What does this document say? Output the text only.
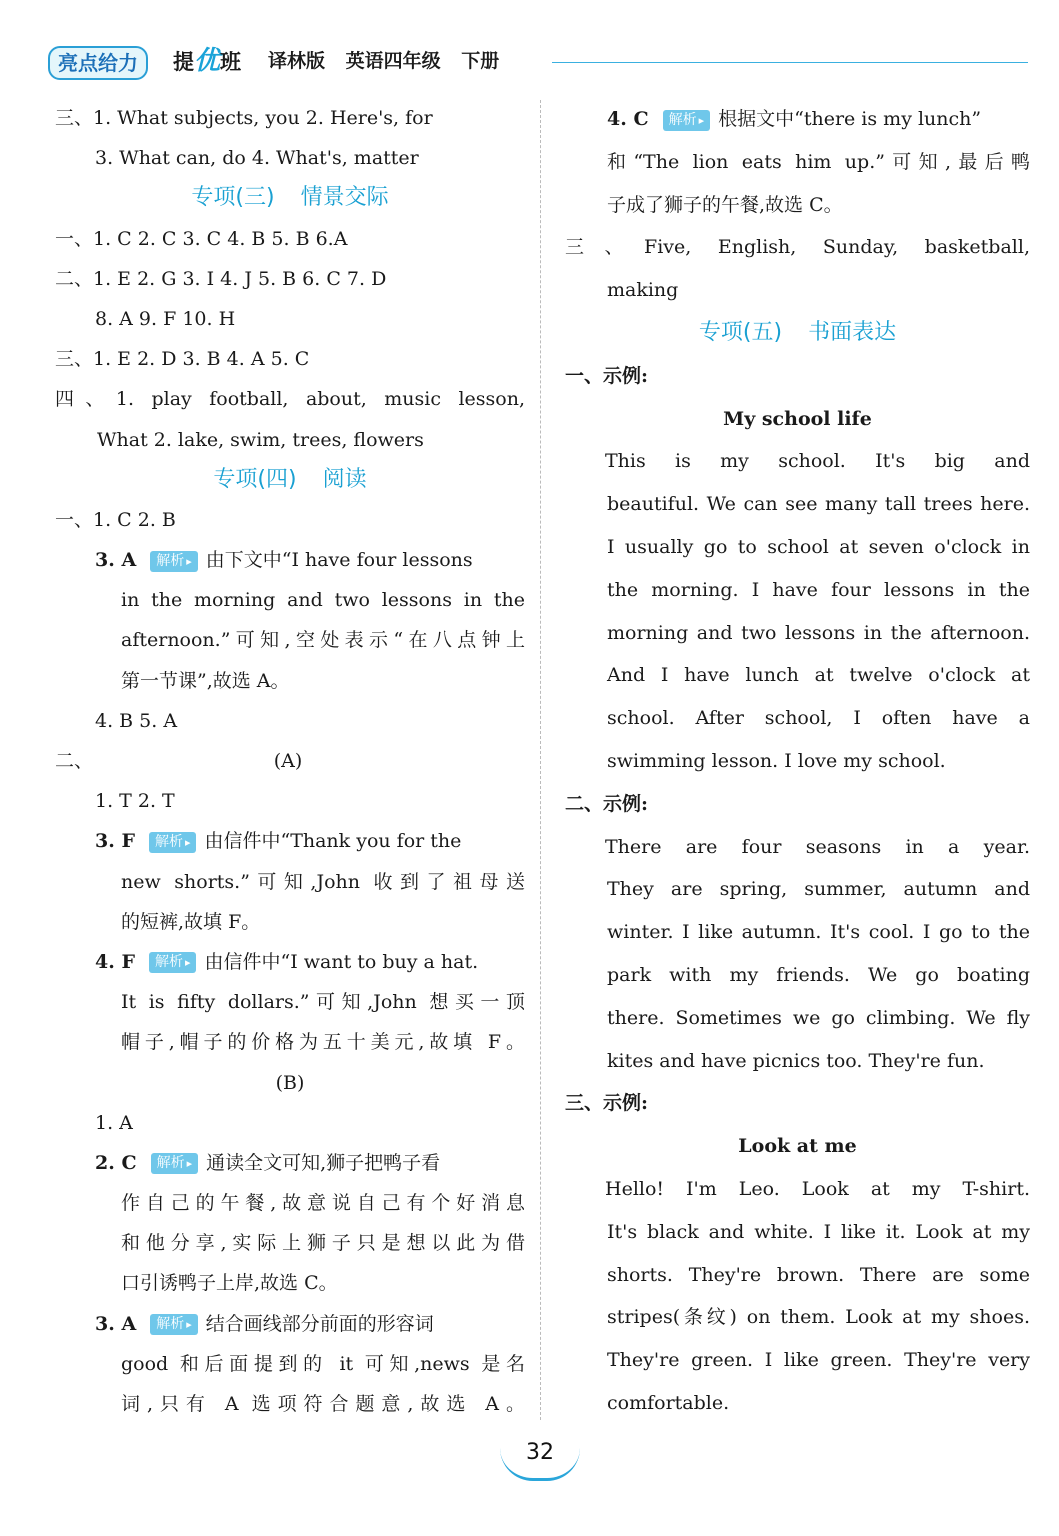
亮点给力	提优班 译林版 英语四年级 下册
三、1. What subjects, you 2. Here's, for
3. What can, do 4. What's, matter
专项(三) 情景交际
一、1. C 2. C 3. C 4. B 5. B 6.A
二、1. E 2. G 3. I 4. J 5. B 6. C 7. D
8. A 9. F 10. H
三、1. E 2. D 3. B 4. A 5. C
四、1. play football, about, music lesson,
What 2. lake, swim, trees, flowers
专项(四) 阅读
一、1. C 2. B
3. A 解析 ▸ 由下文中“I have four lessons
in the morning and two lessons in the
afternoon.”可知,空处表示“在八点钟上
第一节课”,故选 A。
4. B 5. A
二、	(A)
1. T 2. T
3. F 解析 ▸ 由信件中“Thank you for the
new shorts.”可知,John 收到了祖母送
的短裤,故填 F。
4. F 解析 ▸ 由信件中“I want to buy a hat.
It is fifty dollars.”可知,John 想买一顶
帽子,帽子的价格为五十美元,故填 F。
(B)
1. A
2. C 解析 ▸ 通读全文可知,狮子把鸭子看
作自己的午餐,故意说自己有个好消息
和他分享,实际上狮子只是想以此为借
口引诱鸭子上岸,故选 C。
3. A 解析 ▸ 结合画线部分前面的形容词
good 和后面提到的 it 可知,news 是名
词,只有 A 选项符合题意,故选 A。
4. C 解析 ▸ 根据文中“there is my lunch”
和“The lion eats him up.”可知,最后鸭
子成了狮子的午餐,故选 C。
三、Five, English, Sunday, basketball,
making
专项(五) 书面表达
一、示例:
My school life
This is my school. It's big and
beautiful. We can see many tall trees here.
I usually go to school at seven o'clock in
the morning. I have four lessons in the
morning and two lessons in the afternoon.
And I have lunch at twelve o'clock at
school. After school, I often have a
swimming lesson. I love my school.
二、示例:
There are four seasons in a year.
They are spring, summer, autumn and
winter. I like autumn. It's cool. I go to the
park with my friends. We go boating
there. Sometimes we go climbing. We fly
kites and have picnics too. They're fun.
三、示例:
Look at me
Hello! I'm Leo. Look at my T-shirt.
It's black and white. I like it. Look at my
shorts. They're brown. There are some
stripes(条纹) on them. Look at my shoes.
They're green. I like green. They're very
comfortable.
32
